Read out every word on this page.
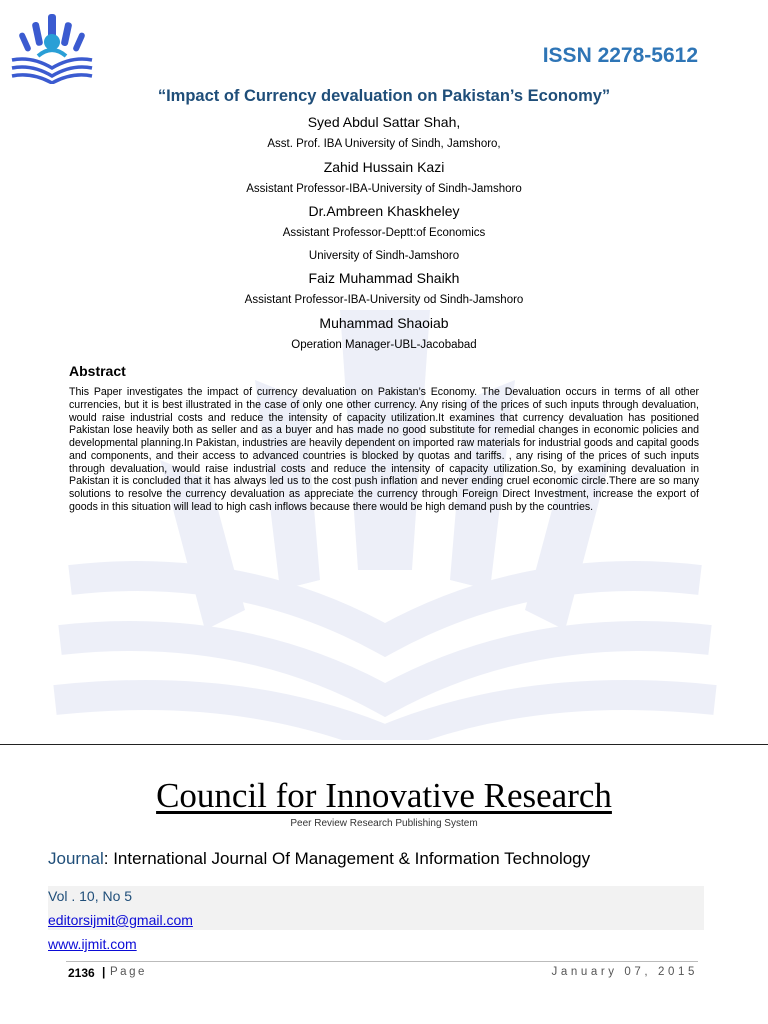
ISSN 2278-5612
“Impact of Currency devaluation on Pakistan’s Economy”
Syed Abdul Sattar Shah,
Asst. Prof. IBA University of Sindh, Jamshoro,
Zahid Hussain Kazi
Assistant Professor-IBA-University of Sindh-Jamshoro
Dr.Ambreen Khaskheley
Assistant Professor-Deptt:of Economics
University of Sindh-Jamshoro
Faiz Muhammad Shaikh
Assistant Professor-IBA-University od Sindh-Jamshoro
Muhammad Shaoiab
Operation Manager-UBL-Jacobabad
Abstract
This Paper investigates the impact of currency devaluation on Pakistan’s Economy. The Devaluation occurs in terms of all other currencies, but it is best illustrated in the case of only one other currency. Any rising of the prices of such inputs through devaluation, would raise industrial costs and reduce the intensity of capacity utilization.It examines that currency devaluation has positioned Pakistan lose heavily both as seller and as a buyer and has made no good substitute for remedial changes in economic policies and developmental planning.In Pakistan, industries are heavily dependent on imported raw materials for industrial goods and capital goods and components, and their access to advanced countries is blocked by quotas and tariffs. , any rising of the prices of such inputs through devaluation, would raise industrial costs and reduce the intensity of capacity utilization.So, by examining devaluation in Pakistan it is concluded that it has always led us to the cost push inflation and never ending cruel economic circle.There are so many solutions to resolve the currency devaluation as appreciate the currency through Foreign Direct Investment, increase the export of goods in this situation will lead to high cash inflows because there would be high demand push by the countries.
Council for Innovative Research
Peer Review Research Publishing System
Journal: International Journal Of Management & Information Technology
Vol . 10, No 5
editorsijmit@gmail.com
www.ijmit.com
2136 | Page	January 07, 2015
